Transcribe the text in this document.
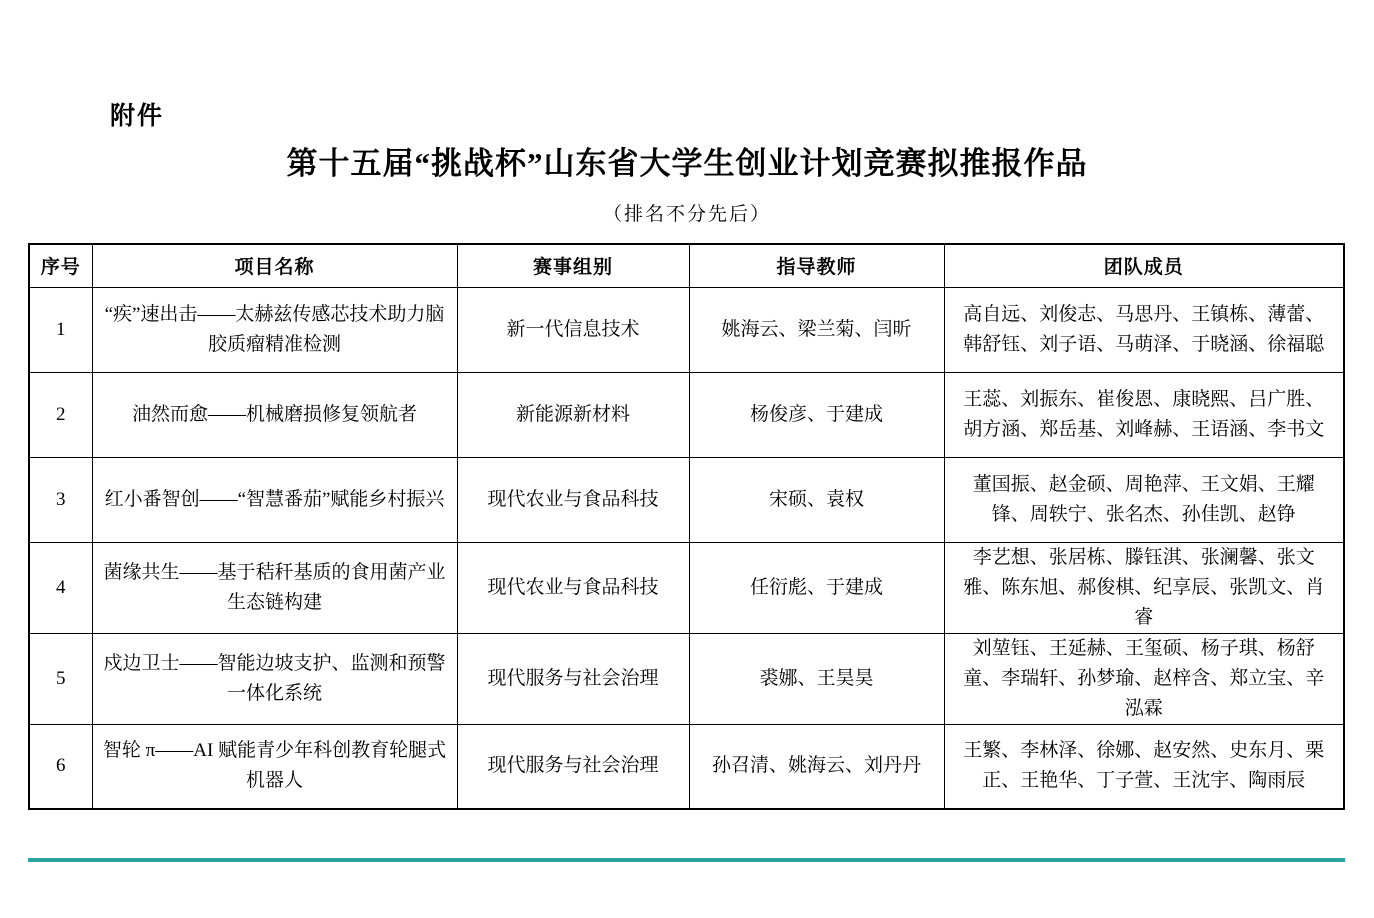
附件
第十五届“挑战杯”山东省大学生创业计划竞赛拟推报作品
（排名不分先后）
序号	项目名称	赛事组别	指导教师	团队成员
1	“疾”速出击——太赫兹传感芯技术助力脑胶质瘤精准检测	新一代信息技术	姚海云、梁兰菊、闫昕	高自远、刘俊志、马思丹、王镇栋、薄蕾、韩舒钰、刘子语、马萌泽、于晓涵、徐福聪
2	油然而愈——机械磨损修复领航者	新能源新材料	杨俊彦、于建成	王蕊、刘振东、崔俊恩、康晓熙、吕广胜、胡方涵、郑岳基、刘峰赫、王语涵、李书文
3	红小番智创——“智慧番茄”赋能乡村振兴	现代农业与食品科技	宋硕、袁权	董国振、赵金硕、周艳萍、王文娟、王耀锋、周轶宁、张名杰、孙佳凯、赵铮
4	菌缘共生——基于秸秆基质的食用菌产业生态链构建	现代农业与食品科技	任衍彪、于建成	李艺想、张居栋、滕钰淇、张澜馨、张文雅、陈东旭、郝俊棋、纪享辰、张凯文、肖睿
5	戍边卫士——智能边坡支护、监测和预警一体化系统	现代服务与社会治理	裘娜、王昊昊	刘堃钰、王延赫、王玺硕、杨子琪、杨舒童、李瑞轩、孙梦瑜、赵梓含、郑立宝、辛泓霖
6	智轮 π——AI 赋能青少年科创教育轮腿式机器人	现代服务与社会治理	孙召清、姚海云、刘丹丹	王繁、李林泽、徐娜、赵安然、史东月、栗正、王艳华、丁子萱、王沈宇、陶雨辰
